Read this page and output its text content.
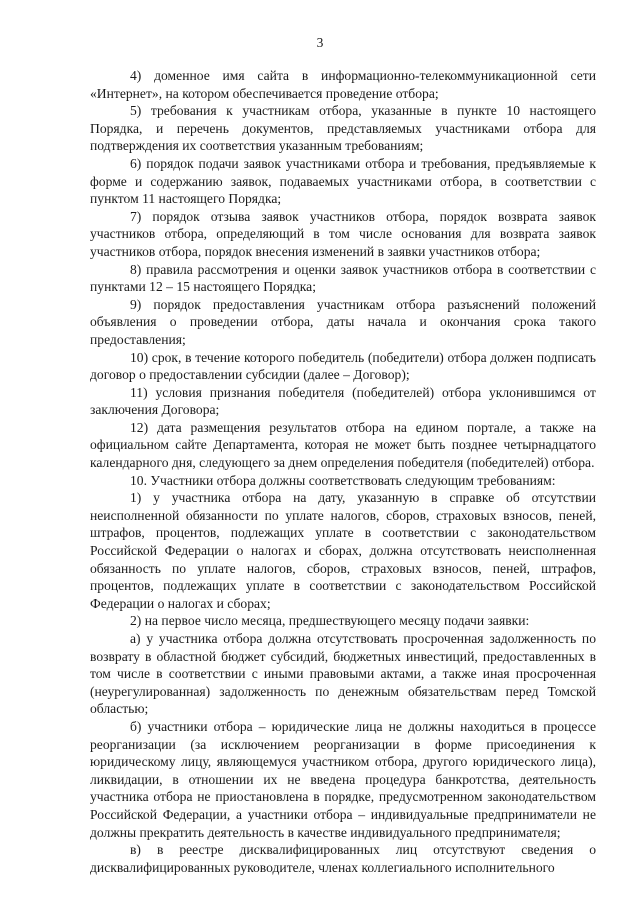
3

4) доменное имя сайта в информационно-телекоммуникационной сети «Интернет», на котором обеспечивается проведение отбора;

5) требования к участникам отбора, указанные в пункте 10 настоящего Порядка, и перечень документов, представляемых участниками отбора для подтверждения их соответствия указанным требованиям;

6) порядок подачи заявок участниками отбора и требования, предъявляемые к форме и содержанию заявок, подаваемых участниками отбора, в соответствии с пунктом 11 настоящего Порядка;

7) порядок отзыва заявок участников отбора, порядок возврата заявок участников отбора, определяющий в том числе основания для возврата заявок участников отбора, порядок внесения изменений в заявки участников отбора;

8) правила рассмотрения и оценки заявок участников отбора в соответствии с пунктами 12 – 15 настоящего Порядка;

9) порядок предоставления участникам отбора разъяснений положений объявления о проведении отбора, даты начала и окончания срока такого предоставления;

10) срок, в течение которого победитель (победители) отбора должен подписать договор о предоставлении субсидии (далее – Договор);

11) условия признания победителя (победителей) отбора уклонившимся от заключения Договора;

12) дата размещения результатов отбора на едином портале, а также на официальном сайте Департамента, которая не может быть позднее четырнадцатого календарного дня, следующего за днем определения победителя (победителей) отбора.

10. Участники отбора должны соответствовать следующим требованиям:

1) у участника отбора на дату, указанную в справке об отсутствии неисполненной обязанности по уплате налогов, сборов, страховых взносов, пеней, штрафов, процентов, подлежащих уплате в соответствии с законодательством Российской Федерации о налогах и сборах, должна отсутствовать неисполненная обязанность по уплате налогов, сборов, страховых взносов, пеней, штрафов, процентов, подлежащих уплате в соответствии с законодательством Российской Федерации о налогах и сборах;

2) на первое число месяца, предшествующего месяцу подачи заявки:

а) у участника отбора должна отсутствовать просроченная задолженность по возврату в областной бюджет субсидий, бюджетных инвестиций, предоставленных в том числе в соответствии с иными правовыми актами, а также иная просроченная (неурегулированная) задолженность по денежным обязательствам перед Томской областью;

б) участники отбора – юридические лица не должны находиться в процессе реорганизации (за исключением реорганизации в форме присоединения к юридическому лицу, являющемуся участником отбора, другого юридического лица), ликвидации, в отношении их не введена процедура банкротства, деятельность участника отбора не приостановлена в порядке, предусмотренном законодательством Российской Федерации, а участники отбора – индивидуальные предприниматели не должны прекратить деятельность в качестве индивидуального предпринимателя;

в) в реестре дисквалифицированных лиц отсутствуют сведения о дисквалифицированных руководителе, членах коллегиального исполнительного
